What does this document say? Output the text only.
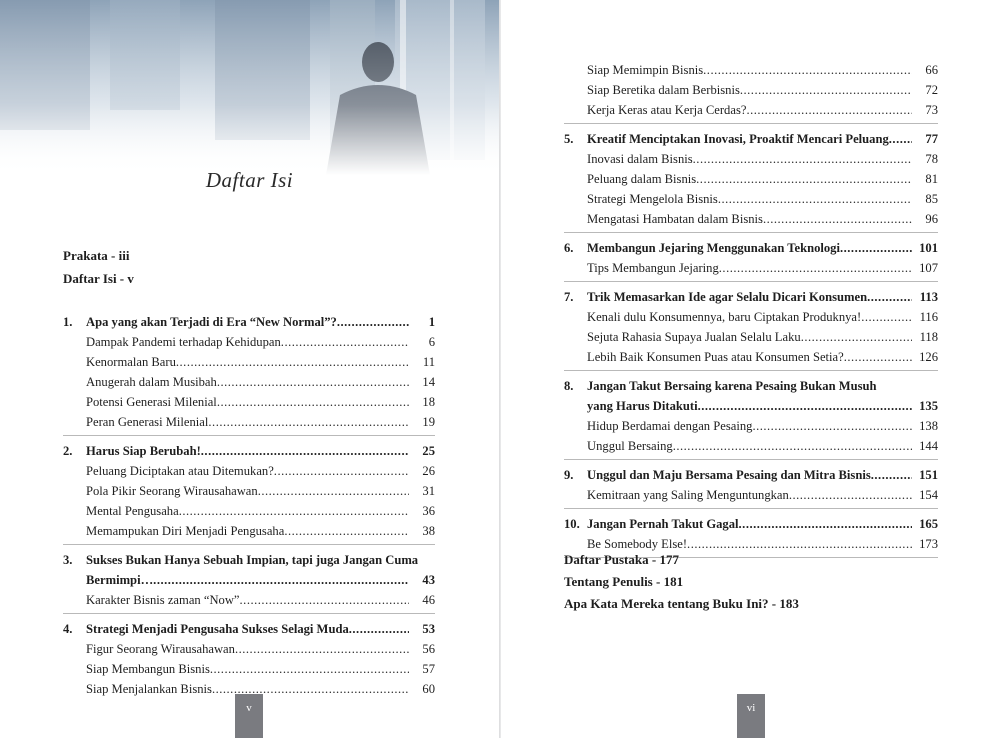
Daftar Isi
Prakata - iii
Daftar Isi - v
1.	Apa yang akan Terjadi di Era “New Normal”? .....	1
Dampak Pandemi terhadap Kehidupan .....	6
Kenormalan Baru .....	11
Anugerah dalam Musibah .....	14
Potensi Generasi Milenial .....	18
Peran Generasi Milenial .....	19
2.	Harus Siap Berubah! .....	25
Peluang Diciptakan atau Ditemukan? .....	26
Pola Pikir Seorang Wirausahawan .....	31
Mental Pengusaha .....	36
Memampukan Diri Menjadi Pengusaha .....	38
3.	Sukses Bukan Hanya Sebuah Impian, tapi juga Jangan Cuma
Bermimpi… .....	43
Karakter Bisnis zaman “Now” .....	46
4.	Strategi Menjadi Pengusaha Sukses Selagi Muda .....	53
Figur Seorang Wirausahawan .....	56
Siap Membangun Bisnis .....	57
Siap Menjalankan Bisnis .....	60
v	vi
Siap Memimpin Bisnis .....	66
Siap Beretika dalam Berbisnis .....	72
Kerja Keras atau Kerja Cerdas? .....	73
5.	Kreatif Menciptakan Inovasi, Proaktif Mencari Peluang .....	77
Inovasi dalam Bisnis .....	78
Peluang dalam Bisnis .....	81
Strategi Mengelola Bisnis .....	85
Mengatasi Hambatan dalam Bisnis .....	96
6.	Membangun Jejaring Menggunakan Teknologi .....	101
Tips Membangun Jejaring .....	107
7.	Trik Memasarkan Ide agar Selalu Dicari Konsumen .....	113
Kenali dulu Konsumennya, baru Ciptakan Produknya! .....	116
Sejuta Rahasia Supaya Jualan Selalu Laku .....	118
Lebih Baik Konsumen Puas atau Konsumen Setia? .....	126
8.	Jangan Takut Bersaing karena Pesaing Bukan Musuh
yang Harus Ditakuti .....	135
Hidup Berdamai dengan Pesaing .....	138
Unggul Bersaing .....	144
9.	Unggul dan Maju Bersama Pesaing dan Mitra Bisnis .....	151
Kemitraan yang Saling Menguntungkan .....	154
10. Jangan Pernah Takut Gagal .....	165
Be Somebody Else! .....	173
Daftar Pustaka - 177
Tentang Penulis - 181
Apa Kata Mereka tentang Buku Ini? - 183
